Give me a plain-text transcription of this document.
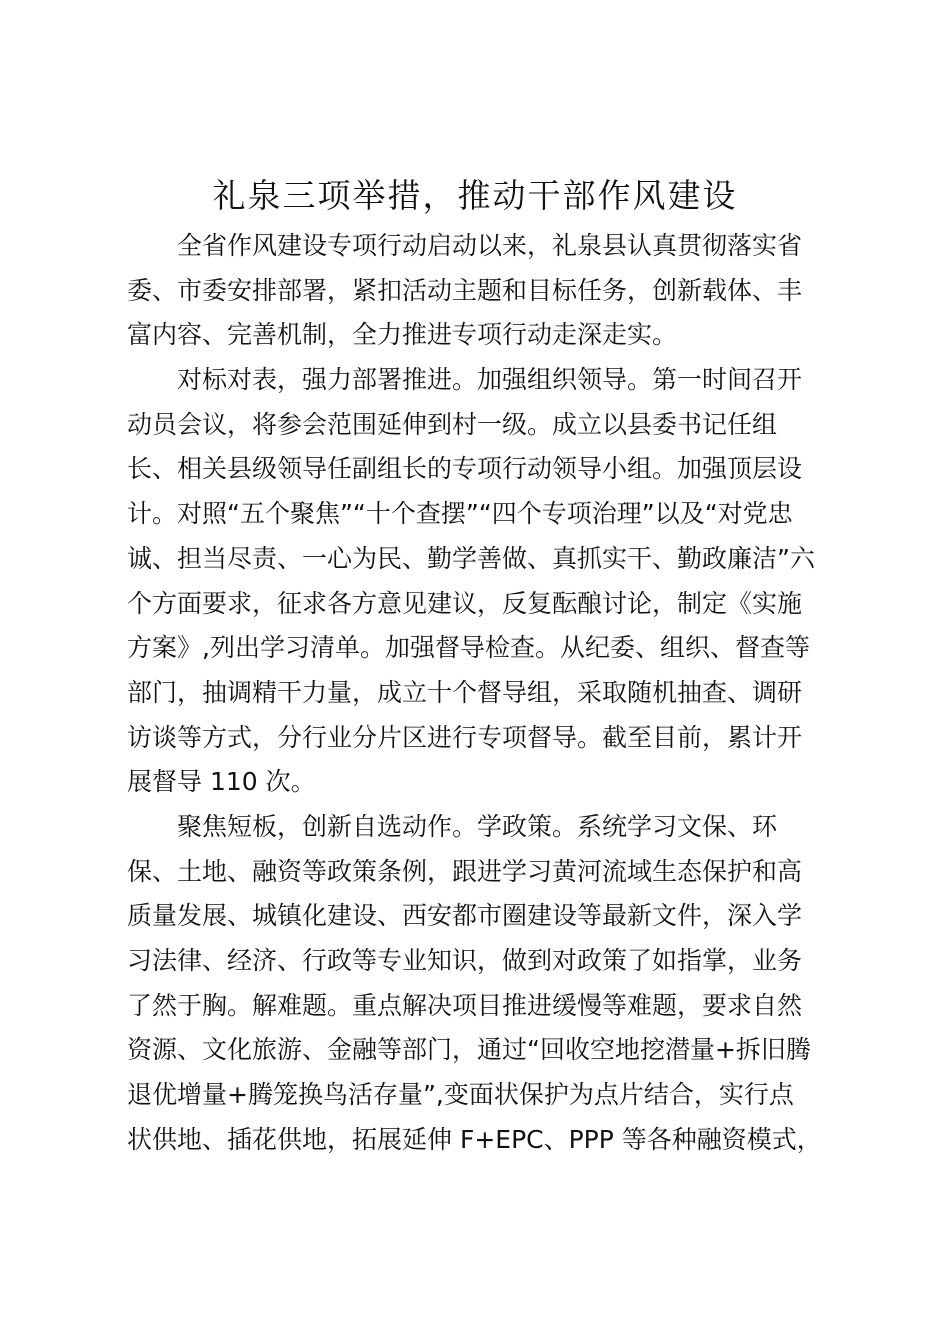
礼泉三项举措，推动干部作风建设
　　全省作风建设专项行动启动以来，礼泉县认真贯彻落实省
委、市委安排部署，紧扣活动主题和目标任务，创新载体、丰
富内容、完善机制，全力推进专项行动走深走实。
　　对标对表，强力部署推进。加强组织领导。第一时间召开
动员会议，将参会范围延伸到村一级。成立以县委书记任组
长、相关县级领导任副组长的专项行动领导小组。加强顶层设
计。对照“五个聚焦”“十个查摆”“四个专项治理”以及“对党忠
诚、担当尽责、一心为民、勤学善做、真抓实干、勤政廉洁”六
个方面要求，征求各方意见建议，反复酝酿讨论，制定《实施
方案》,列出学习清单。加强督导检查。从纪委、组织、督查等
部门，抽调精干力量，成立十个督导组，采取随机抽查、调研
访谈等方式，分行业分片区进行专项督导。截至目前，累计开
展督导 110 次。
　　聚焦短板，创新自选动作。学政策。系统学习文保、环
保、土地、融资等政策条例，跟进学习黄河流域生态保护和高
质量发展、城镇化建设、西安都市圈建设等最新文件，深入学
习法律、经济、行政等专业知识，做到对政策了如指掌，业务
了然于胸。解难题。重点解决项目推进缓慢等难题，要求自然
资源、文化旅游、金融等部门，通过“回收空地挖潜量+拆旧腾
退优增量+腾笼换鸟活存量”,变面状保护为点片结合，实行点
状供地、插花供地，拓展延伸 F+EPC、PPP 等各种融资模式，
